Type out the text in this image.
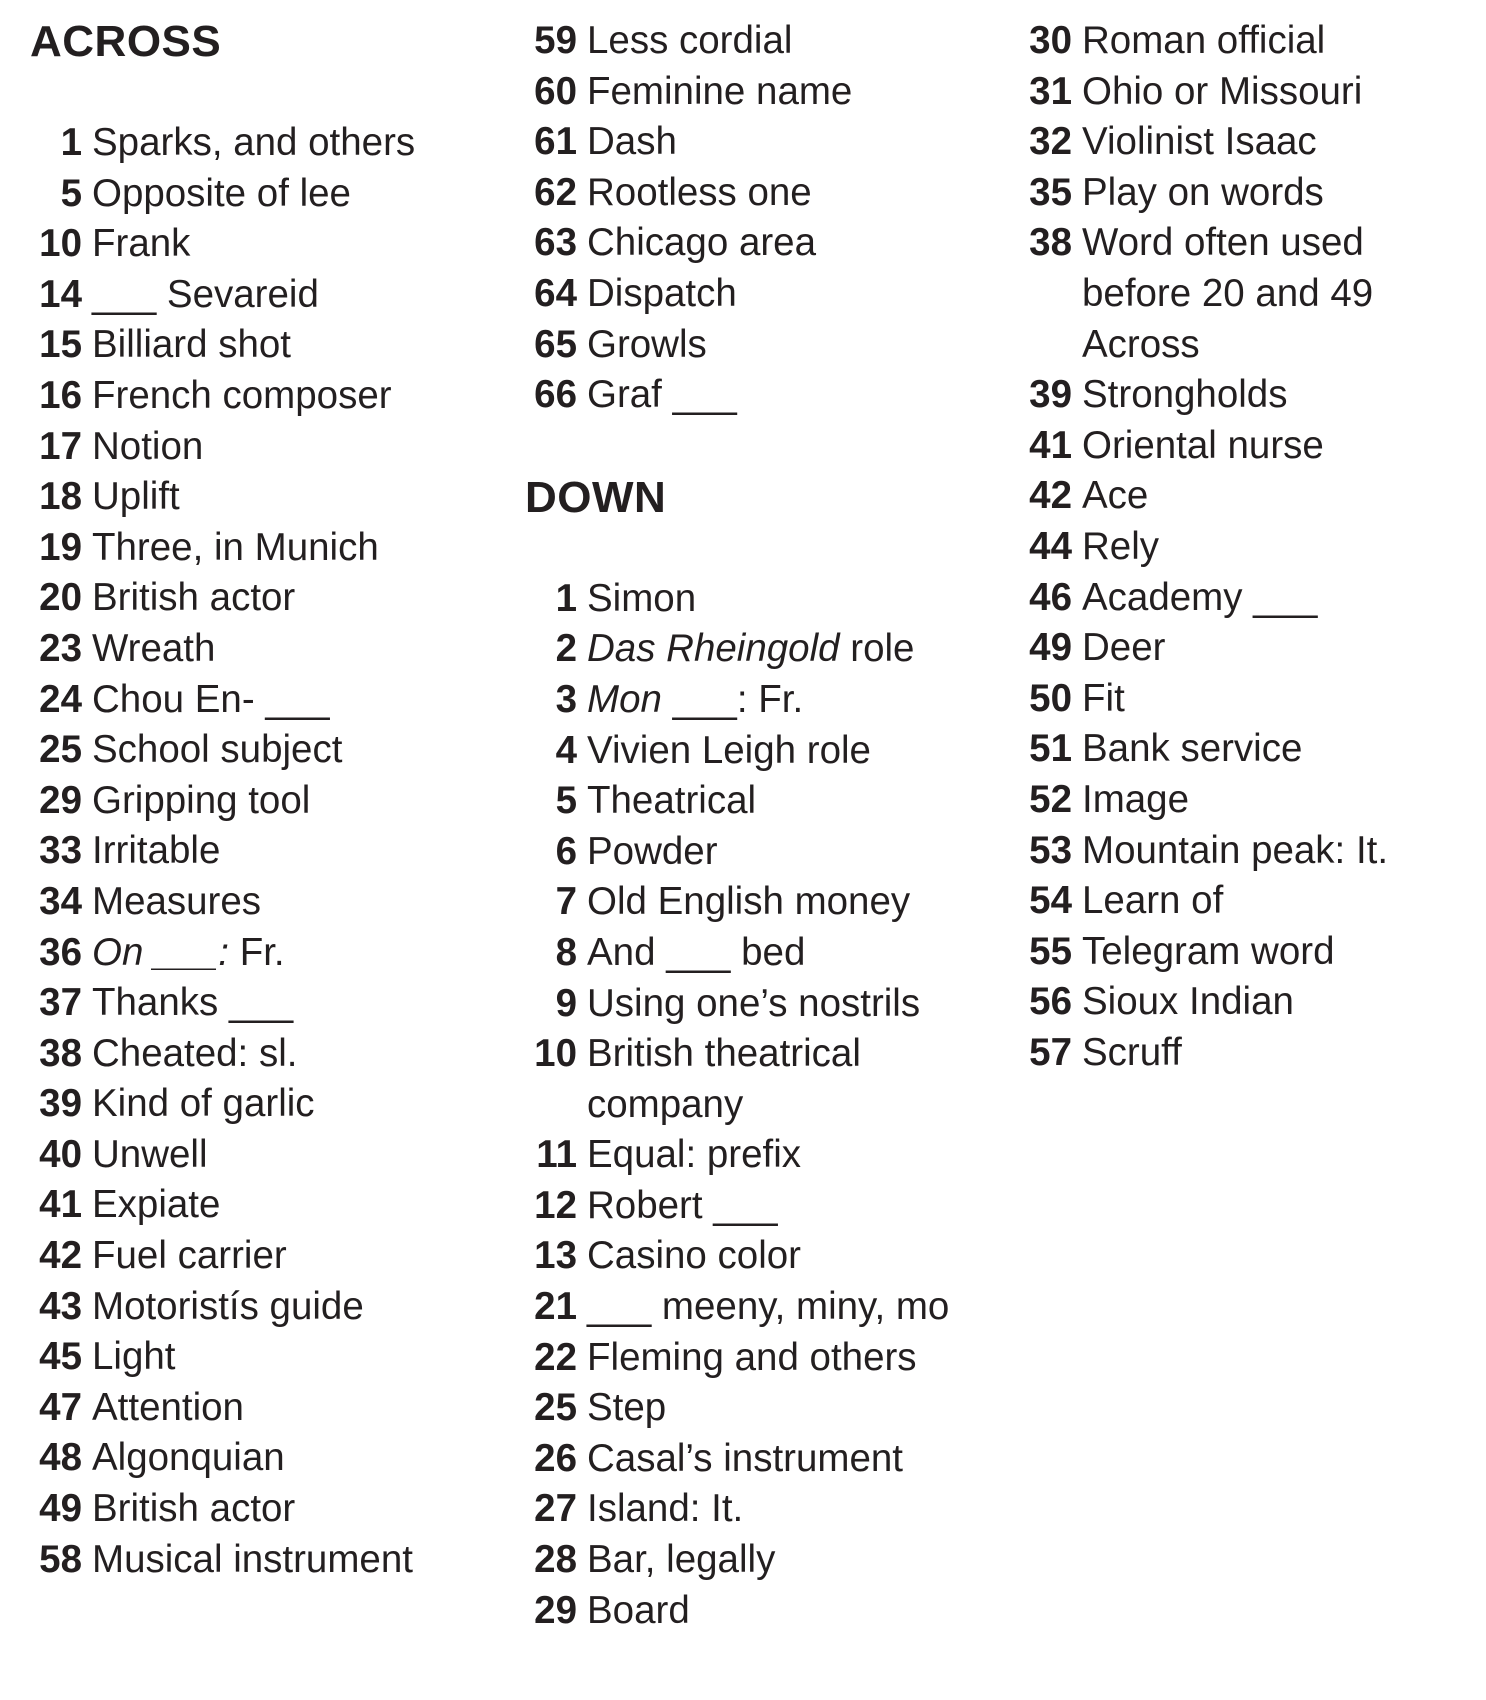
ACROSS
1 Sparks, and others
5 Opposite of lee
10 Frank
14 ___ Sevareid
15 Billiard shot
16 French composer
17 Notion
18 Uplift
19 Three, in Munich
20 British actor
23 Wreath
24 Chou En- ___
25 School subject
29 Gripping tool
33 Irritable
34 Measures
36 On ___: Fr.
37 Thanks ___
38 Cheated: sl.
39 Kind of garlic
40 Unwell
41 Expiate
42 Fuel carrier
43 Motoristís guide
45 Light
47 Attention
48 Algonquian
49 British actor
58 Musical instrument
59 Less cordial
60 Feminine name
61 Dash
62 Rootless one
63 Chicago area
64 Dispatch
65 Growls
66 Graf ___
DOWN
1 Simon
2 Das Rheingold role
3 Mon ___: Fr.
4 Vivien Leigh role
5 Theatrical
6 Powder
7 Old English money
8 And ___ bed
9 Using one’s nostrils
10 British theatrical
company
11 Equal: prefix
12 Robert ___
13 Casino color
21 ___ meeny, miny, mo
22 Fleming and others
25 Step
26 Casal’s instrument
27 Island: It.
28 Bar, legally
29 Board
30 Roman official
31 Ohio or Missouri
32 Violinist Isaac
35 Play on words
38 Word often used
before 20 and 49
Across
39 Strongholds
41 Oriental nurse
42 Ace
44 Rely
46 Academy ___
49 Deer
50 Fit
51 Bank service
52 Image
53 Mountain peak: It.
54 Learn of
55 Telegram word
56 Sioux Indian
57 Scruff
